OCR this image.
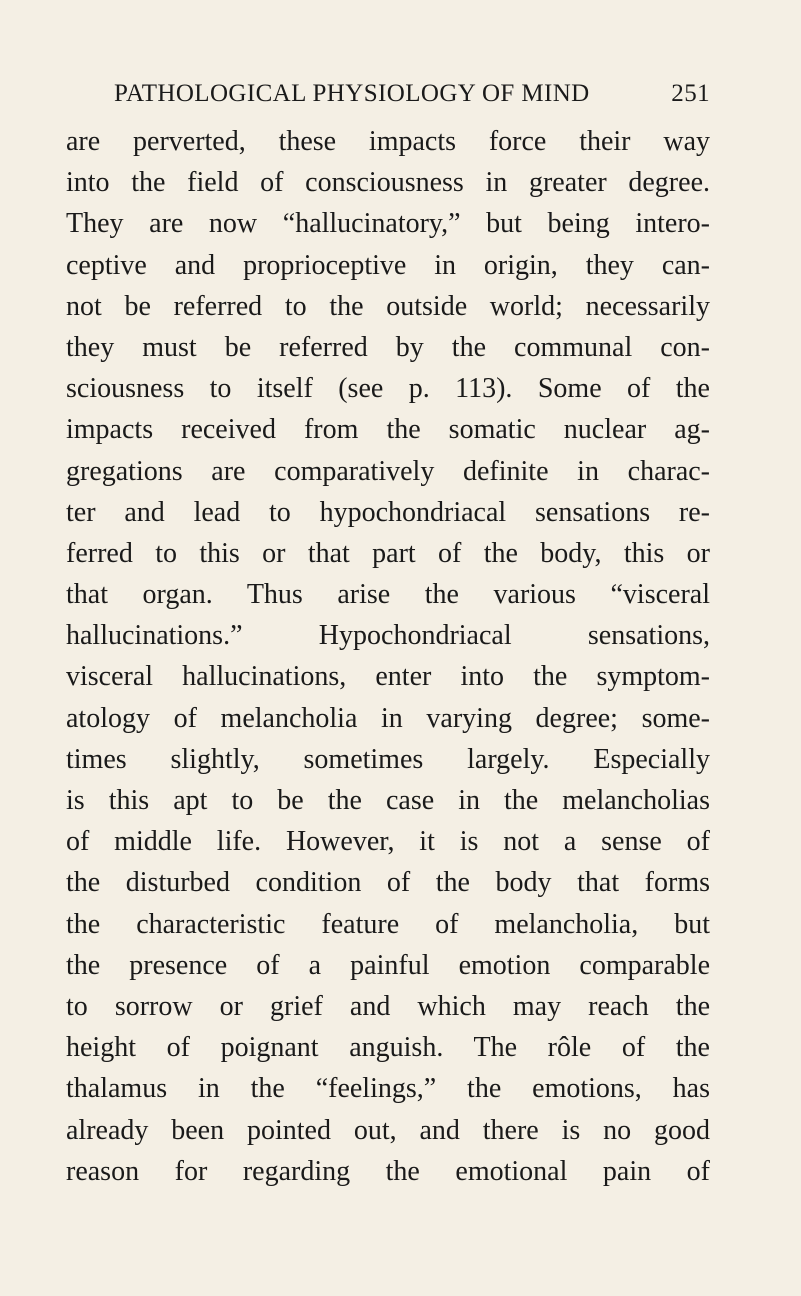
PATHOLOGICAL PHYSIOLOGY OF MIND	251
are perverted, these impacts force their way
into the field of consciousness in greater degree.
They are now “hallucinatory,” but being intero-
ceptive and proprioceptive in origin, they can-
not be referred to the outside world; necessarily
they must be referred by the communal con-
sciousness to itself (see p. 113). Some of the
impacts received from the somatic nuclear ag-
gregations are comparatively definite in charac-
ter and lead to hypochondriacal sensations re-
ferred to this or that part of the body, this or
that organ. Thus arise the various “visceral
hallucinations.” Hypochondriacal sensations,
visceral hallucinations, enter into the symptom-
atology of melancholia in varying degree; some-
times slightly, sometimes largely. Especially
is this apt to be the case in the melancholias
of middle life. However, it is not a sense of
the disturbed condition of the body that forms
the characteristic feature of melancholia, but
the presence of a painful emotion comparable
to sorrow or grief and which may reach the
height of poignant anguish. The rôle of the
thalamus in the “feelings,” the emotions, has
already been pointed out, and there is no good
reason for regarding the emotional pain of
